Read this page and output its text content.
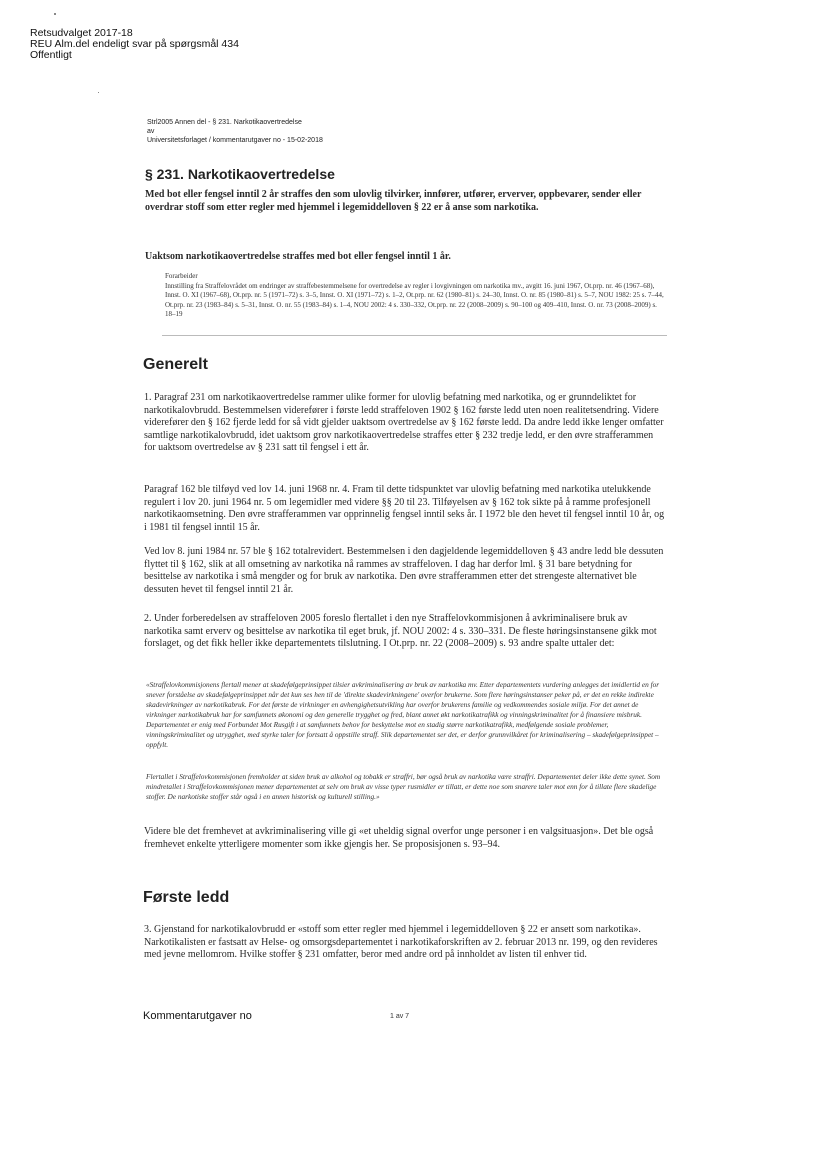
Retsudvalget 2017-18
REU Alm.del endeligt svar på spørgsmål 434
Offentligt
Strl2005 Annen del - § 231. Narkotikaovertredelse
av
Universitetsforlaget / kommentarutgaver no - 15-02-2018
§ 231. Narkotikaovertredelse
Med bot eller fengsel inntil 2 år straffes den som ulovlig tilvirker, innfører, utfører, erverver, oppbevarer, sender eller overdrar stoff som etter regler med hjemmel i legemiddelloven § 22 er å anse som narkotika.
Uaktsom narkotikaovertredelse straffes med bot eller fengsel inntil 1 år.
Forarbeider
Innstilling fra Straffelovrådet om endringer av straffebestemmelsene for overtredelse av regler i lovgivningen om narkotika mv., avgitt 16. juni 1967, Ot.prp. nr. 46 (1967–68), Innst. O. XI (1967–68), Ot.prp. nr. 5 (1971–72) s. 3–5, Innst. O. XI (1971–72) s. 1–2, Ot.prp. nr. 62 (1980–81) s. 24–30, Innst. O. nr. 85 (1980–81) s. 5–7, NOU 1982: 25 s. 7–44, Ot.prp. nr. 23 (1983–84) s. 5–31, Innst. O. nr. 55 (1983–84) s. 1–4, NOU 2002: 4 s. 330–332, Ot.prp. nr. 22 (2008–2009) s. 90–100 og 409–410, Innst. O. nr. 73 (2008–2009) s. 18–19
Generelt
1. Paragraf 231 om narkotikaovertredelse rammer ulike former for ulovlig befatning med narkotika, og er grunndeliktet for narkotikalovbrudd. Bestemmelsen viderefører i første ledd straffeloven 1902 § 162 første ledd uten noen realitetsendring. Videre viderefører den § 162 fjerde ledd for så vidt gjelder uaktsom overtredelse av § 162 første ledd. Da andre ledd ikke lenger omfatter samtlige narkotikalovbrudd, idet uaktsom grov narkotikaovertredelse straffes etter § 232 tredje ledd, er den øvre strafferammen for uaktsom overtredelse av § 231 satt til fengsel i ett år.
Paragraf 162 ble tilføyd ved lov 14. juni 1968 nr. 4. Fram til dette tidspunktet var ulovlig befatning med narkotika utelukkende regulert i lov 20. juni 1964 nr. 5 om legemidler med videre §§ 20 til 23. Tilføyelsen av § 162 tok sikte på å ramme profesjonell narkotikaomsetning. Den øvre strafferammen var opprinnelig fengsel inntil seks år. I 1972 ble den hevet til fengsel inntil 10 år, og i 1981 til fengsel inntil 15 år.
Ved lov 8. juni 1984 nr. 57 ble § 162 totalrevidert. Bestemmelsen i den dagjeldende legemiddelloven § 43 andre ledd ble dessuten flyttet til § 162, slik at all omsetning av narkotika nå rammes av straffeloven. I dag har derfor lml. § 31 bare betydning for besittelse av narkotika i små mengder og for bruk av narkotika. Den øvre strafferammen etter det strengeste alternativet ble dessuten hevet til fengsel inntil 21 år.
2. Under forberedelsen av straffeloven 2005 foreslo flertallet i den nye Straffelovkommisjonen å avkriminalisere bruk av narkotika samt erverv og besittelse av narkotika til eget bruk, jf. NOU 2002: 4 s. 330–331. De fleste høringsinstansene gikk mot forslaget, og det fikk heller ikke departementets tilslutning. I Ot.prp. nr. 22 (2008–2009) s. 93 andre spalte uttaler det:
«Straffelovkommisjonens flertall mener at skadefølgeprinsippet tilsier avkriminalisering av bruk av narkotika mv. Etter departementets vurdering anlegges det imidlertid en for snever forståelse av skadefølgeprinsippet når det kun ses hen til de 'direkte skadevirkningene' overfor brukerne. Som flere høringsinstanser peker på, er det en rekke indirekte skadevirkninger av narkotikabruk. For det første de virkninger en avhengighetsutvikling har overfor brukerens familie og vedkommendes sosiale miljø. For det annet de virkninger narkotikabruk har for samfunnets økonomi og den generelle trygghet og fred, blant annet økt narkotikatrafikk og vinningskriminalitet for å finansiere misbruk. Departementet er enig med Forbundet Mot Rusgift i at samfunnets behov for beskyttelse mot en stadig større narkotikatrafikk, medfølgende sosiale problemer, vinningskriminalitet og utrygghet, med styrke taler for fortsatt å oppstille straff. Slik departementet ser det, er derfor grunnvilkåret for kriminalisering – skadefølgeprinsippet – oppfylt.
Flertallet i Straffelovkommisjonen fremholder at siden bruk av alkohol og tobakk er straffri, bør også bruk av narkotika være straffri. Departementet deler ikke dette synet. Som mindretallet i Straffelovkommisjonen mener departementet at selv om bruk av visse typer rusmidler er tillatt, er dette noe som snarere taler mot enn for å tillate flere skadelige stoffer. De narkotiske stoffer står også i en annen historisk og kulturell stilling.»
Videre ble det fremhevet at avkriminalisering ville gi «et uheldig signal overfor unge personer i en valgsituasjon». Det ble også fremhevet enkelte ytterligere momenter som ikke gjengis her. Se proposisjonen s. 93–94.
Første ledd
3. Gjenstand for narkotikalovbrudd er «stoff som etter regler med hjemmel i legemiddelloven § 22 er ansett som narkotika». Narkotikalisten er fastsatt av Helse- og omsorgsdepartementet i narkotikaforskriften av 2. februar 2013 nr. 199, og den revideres med jevne mellomrom. Hvilke stoffer § 231 omfatter, beror med andre ord på innholdet av listen til enhver tid.
Kommentarutgaver no	1 av 7
